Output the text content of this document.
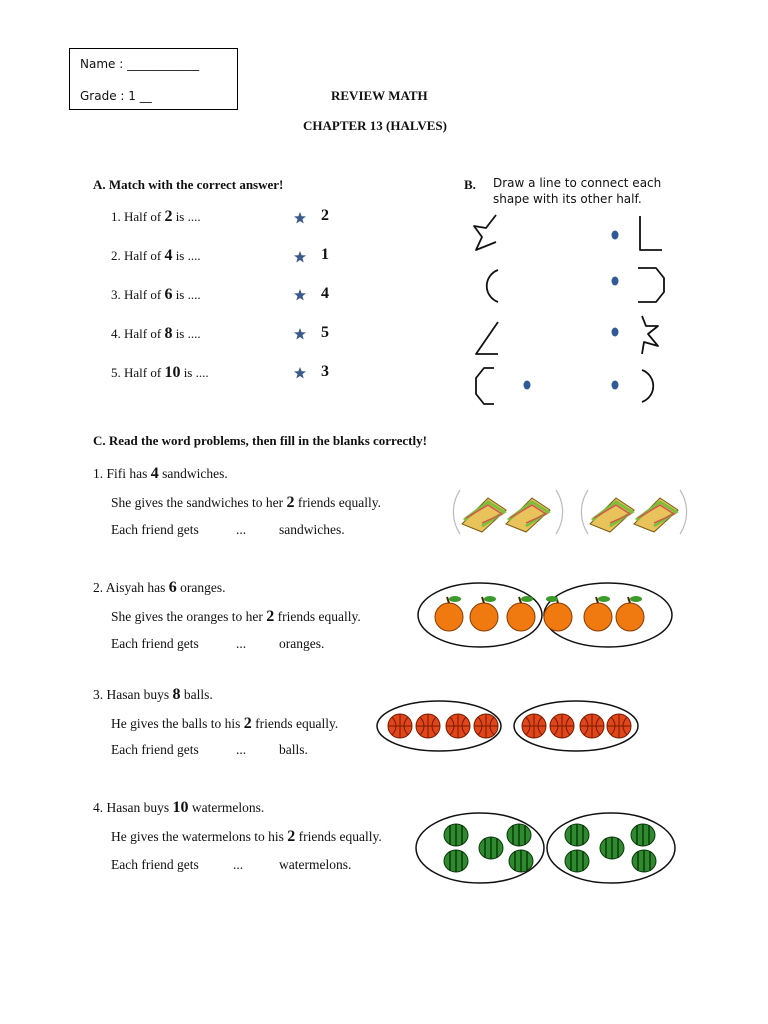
Name : ____________
Grade : 1 __	REVIEW MATH
CHAPTER 13 (HALVES)
A. Match with the correct answer!
1. Half of 2 is ....
2. Half of 4 is ....
3. Half of 6 is ....
4. Half of 8 is ....
5. Half of 10 is ....
2
1
4
5
3
B. Draw a line to connect each
shape with its other half.
C. Read the word problems, then fill in the blanks correctly!
1. Fifi has 4 sandwiches.
She gives the sandwiches to her 2 friends equally.
Each friend gets	... sandwiches.
2. Aisyah has 6 oranges.
She gives the oranges to her 2 friends equally.
Each friend gets	... oranges.
3. Hasan buys 8 balls.
He gives the balls to his 2 friends equally.
Each friend gets	... balls.
4. Hasan buys 10 watermelons.
He gives the watermelons to his 2 friends equally.
Each friend gets	...	watermelons.
